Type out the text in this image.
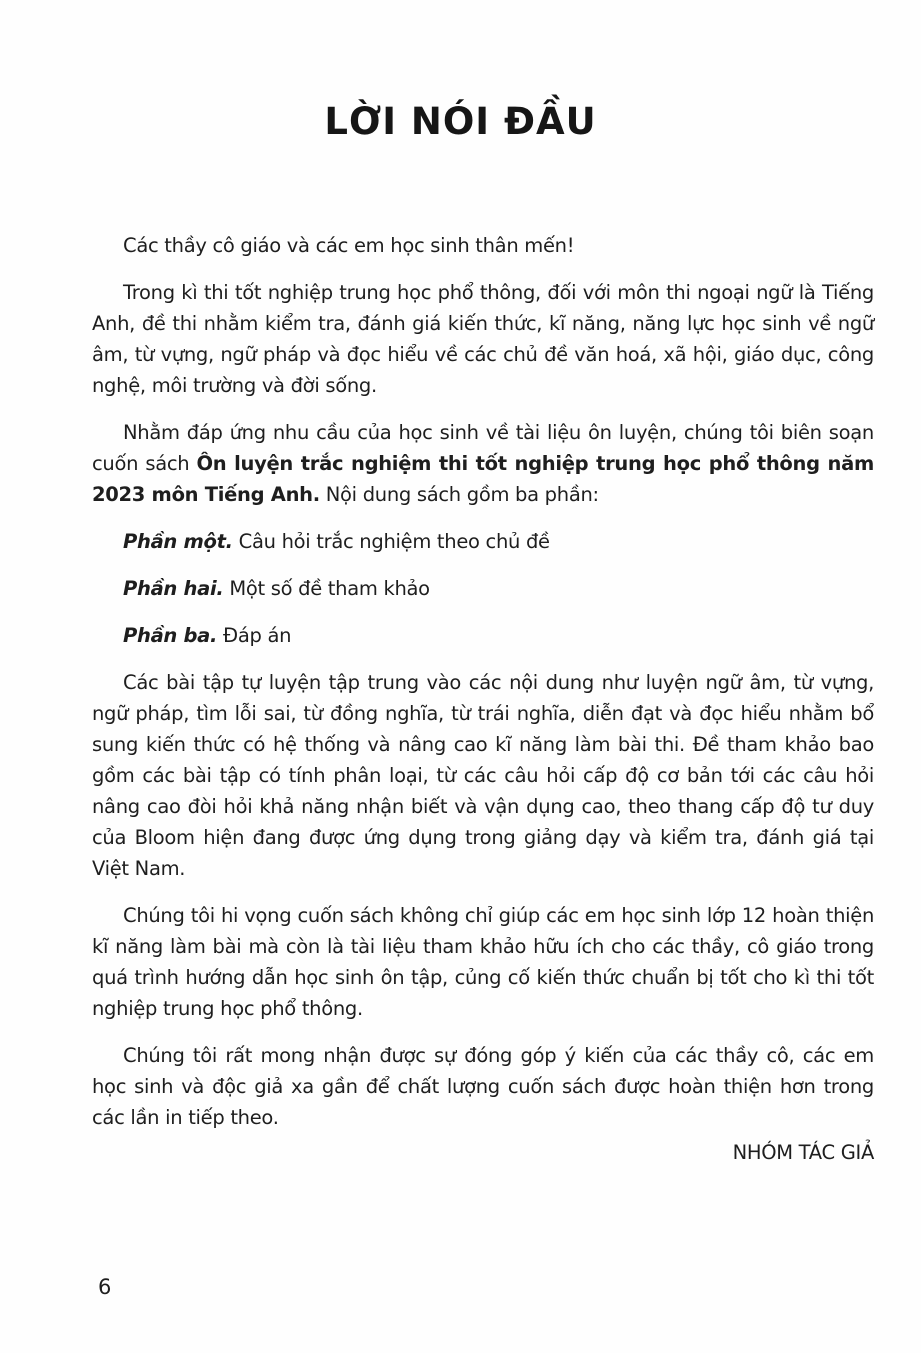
LỜI NÓI ĐẦU

Các thầy cô giáo và các em học sinh thân mến!

Trong kì thi tốt nghiệp trung học phổ thông, đối với môn thi ngoại ngữ là Tiếng Anh, đề thi nhằm kiểm tra, đánh giá kiến thức, kĩ năng, năng lực học sinh về ngữ âm, từ vựng, ngữ pháp và đọc hiểu về các chủ đề văn hoá, xã hội, giáo dục, công nghệ, môi trường và đời sống.

Nhằm đáp ứng nhu cầu của học sinh về tài liệu ôn luyện, chúng tôi biên soạn cuốn sách Ôn luyện trắc nghiệm thi tốt nghiệp trung học phổ thông năm 2023 môn Tiếng Anh. Nội dung sách gồm ba phần:

Phần một. Câu hỏi trắc nghiệm theo chủ đề

Phần hai. Một số đề tham khảo

Phần ba. Đáp án

Các bài tập tự luyện tập trung vào các nội dung như luyện ngữ âm, từ vựng, ngữ pháp, tìm lỗi sai, từ đồng nghĩa, từ trái nghĩa, diễn đạt và đọc hiểu nhằm bổ sung kiến thức có hệ thống và nâng cao kĩ năng làm bài thi. Đề tham khảo bao gồm các bài tập có tính phân loại, từ các câu hỏi cấp độ cơ bản tới các câu hỏi nâng cao đòi hỏi khả năng nhận biết và vận dụng cao, theo thang cấp độ tư duy của Bloom hiện đang được ứng dụng trong giảng dạy và kiểm tra, đánh giá tại Việt Nam.

Chúng tôi hi vọng cuốn sách không chỉ giúp các em học sinh lớp 12 hoàn thiện kĩ năng làm bài mà còn là tài liệu tham khảo hữu ích cho các thầy, cô giáo trong quá trình hướng dẫn học sinh ôn tập, củng cố kiến thức chuẩn bị tốt cho kì thi tốt nghiệp trung học phổ thông.

Chúng tôi rất mong nhận được sự đóng góp ý kiến của các thầy cô, các em học sinh và độc giả xa gần để chất lượng cuốn sách được hoàn thiện hơn trong các lần in tiếp theo.

NHÓM TÁC GIẢ
6
